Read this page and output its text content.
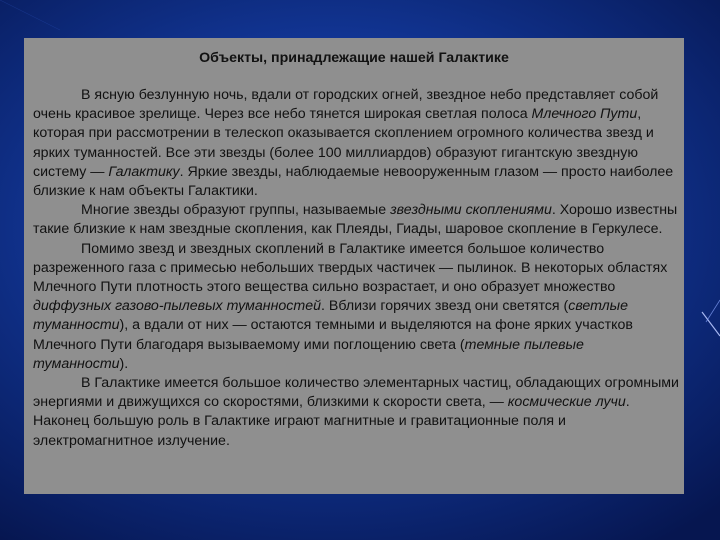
Объекты, принадлежащие нашей Галактике

В ясную безлунную ночь, вдали от городских огней, звездное небо представляет собой очень красивое зрелище. Через все небо тянется широкая светлая полоса Млечного Пути, которая при рассмотрении в телескоп оказывается скоплением огромного количества звезд и ярких туманностей. Все эти звезды (более 100 миллиардов) образуют гигантскую звездную систему — Галактику. Яркие звезды, наблюдаемые невооруженным глазом — просто наиболее близкие к нам объекты Галактики.

Многие звезды образуют группы, называемые звездными скоплениями. Хорошо известны такие близкие к нам звездные скопления, как Плеяды, Гиады, шаровое скопление в Геркулесе.

Помимо звезд и звездных скоплений в Галактике имеется большое количество разреженного газа с примесью небольших твердых частичек — пылинок. В некоторых областях Млечного Пути плотность этого вещества сильно возрастает, и оно образует множество диффузных газово-пылевых туманностей. Вблизи горячих звезд они светятся (светлые туманности), а вдали от них — остаются темными и выделяются на фоне ярких участков Млечного Пути благодаря вызываемому ими поглощению света (темные пылевые туманности).

В Галактике имеется большое количество элементарных частиц, обладающих огромными энергиями и движущихся со скоростями, близкими к скорости света, — космические лучи. Наконец большую роль в Галактике играют магнитные и гравитационные поля и электромагнитное излучение.
